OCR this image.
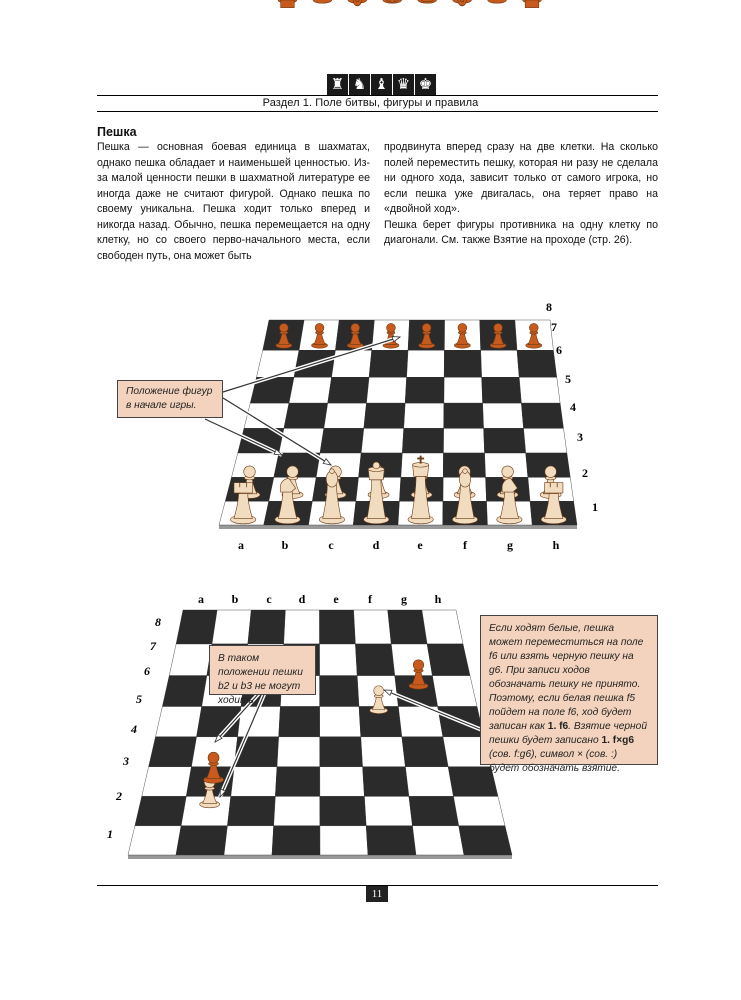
♜ ♞ ♝ ♛ ♚
Раздел 1. Поле битвы, фигуры и правила
Пешка

Пешка — основная боевая единица в шахматах, однако пешка обладает и наименьшей ценностью. Из-за малой ценности пешки в шахматной литературе ее иногда даже не считают фигурой. Однако пешка по своему уникальна. Пешка ходит только вперед и никогда назад. Обычно, пешка перемещается на одну клетку, но со своего перво-начального места, если свободен путь, она может быть

продвинута вперед сразу на две клетки. На сколько полей переместить пешку, которая ни разу не сделала ни одного хода, зависит только от самого игрока, но если пешка уже двигалась, она теряет право на «двойной ход».

Пешка берет фигуры противника на одну клетку по диагонали. См. также Взятие на проходе (стр. 26).

a	b	c	d	e	f	g	h
1
2
3
4
5
6
7
8
a b c d e f g h
1
2
3
4
5
6
7
8
Положение фигур в начале игры.
В таком положении пешки b2 и b3 не могут ходить.
Если ходят белые, пешка может переместиться на поле f6 или взять черную пешку на g6. При записи ходов обозначать пешку не принято. Поэтому, если белая пешка f5 пойдет на поле f6, ход будет записан как 1. f6. Взятие черной пешки будет записано 1. f×g6 (сов. f:g6), символ × (сов. :) будет обозначать взятие.
11
